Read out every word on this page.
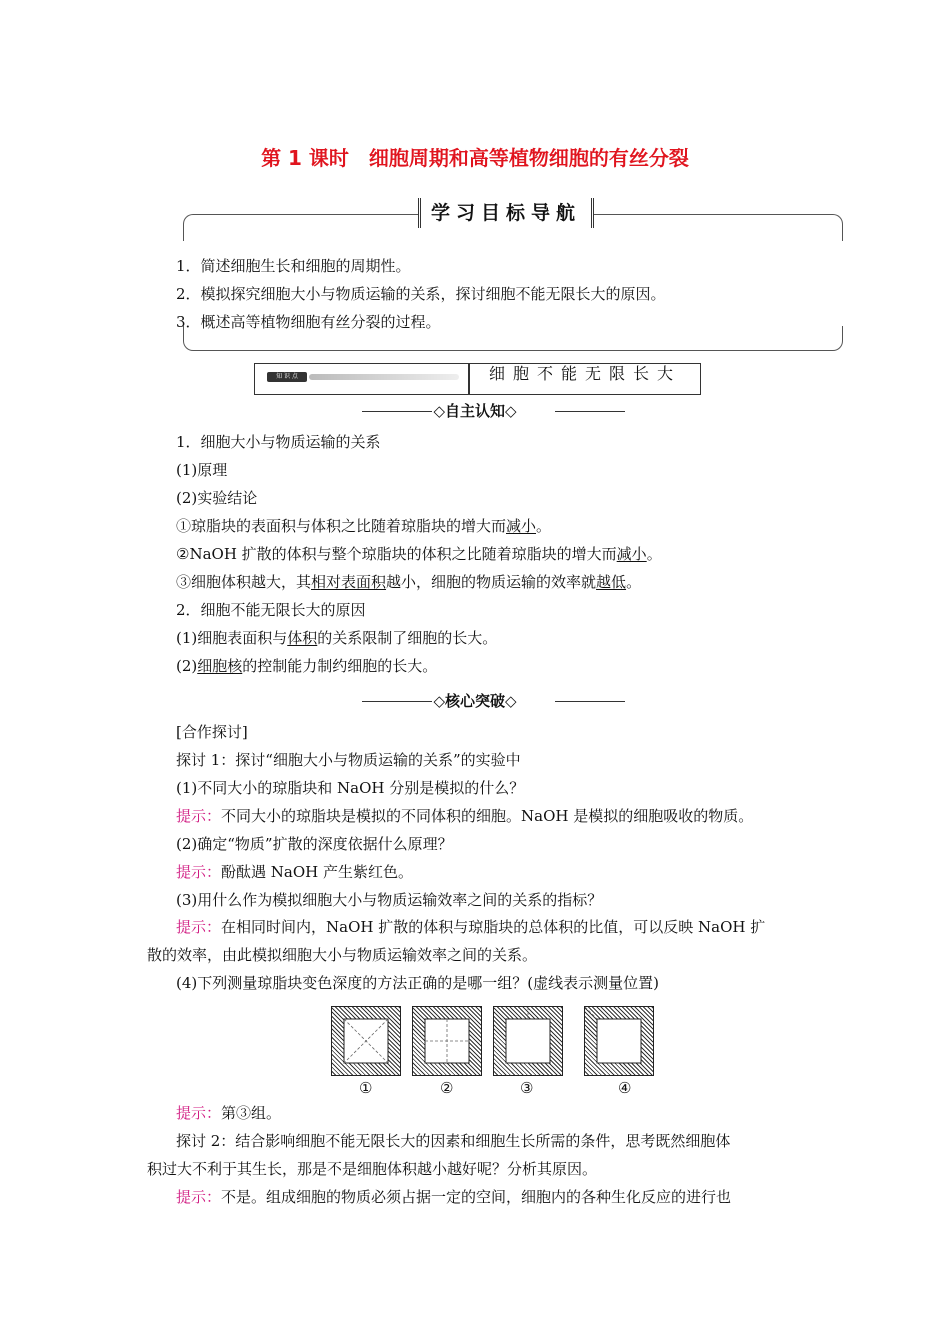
第 1 课时　细胞周期和高等植物细胞的有丝分裂
学习目标导航
1．简述细胞生长和细胞的周期性。
2．模拟探究细胞大小与物质运输的关系，探讨细胞不能无限长大的原因。
3．概述高等植物细胞有丝分裂的过程。
知 识 点	细胞不能无限长大
◇自主认知◇
1．细胞大小与物质运输的关系
(1)原理
(2)实验结论
①琼脂块的表面积与体积之比随着琼脂块的增大而减小。
②NaOH 扩散的体积与整个琼脂块的体积之比随着琼脂块的增大而减小。
③细胞体积越大，其相对表面积越小，细胞的物质运输的效率就越低。
2．细胞不能无限长大的原因
(1)细胞表面积与体积的关系限制了细胞的长大。
(2)细胞核的控制能力制约细胞的长大。
◇核心突破◇
[合作探讨]
探讨 1：探讨“细胞大小与物质运输的关系”的实验中
(1)不同大小的琼脂块和 NaOH 分别是模拟的什么？
提示：不同大小的琼脂块是模拟的不同体积的细胞。NaOH 是模拟的细胞吸收的物质。
(2)确定“物质”扩散的深度依据什么原理？
提示：酚酞遇 NaOH 产生紫红色。
(3)用什么作为模拟细胞大小与物质运输效率之间的关系的指标？
提示：在相同时间内，NaOH 扩散的体积与琼脂块的总体积的比值，可以反映 NaOH 扩
散的效率，由此模拟细胞大小与物质运输效率之间的关系。
(4)下列测量琼脂块变色深度的方法正确的是哪一组？(虚线表示测量位置)
①	②	③	④
提示：第③组。
探讨 2：结合影响细胞不能无限长大的因素和细胞生长所需的条件，思考既然细胞体
积过大不利于其生长，那是不是细胞体积越小越好呢？分析其原因。
提示：不是。组成细胞的物质必须占据一定的空间，细胞内的各种生化反应的进行也
